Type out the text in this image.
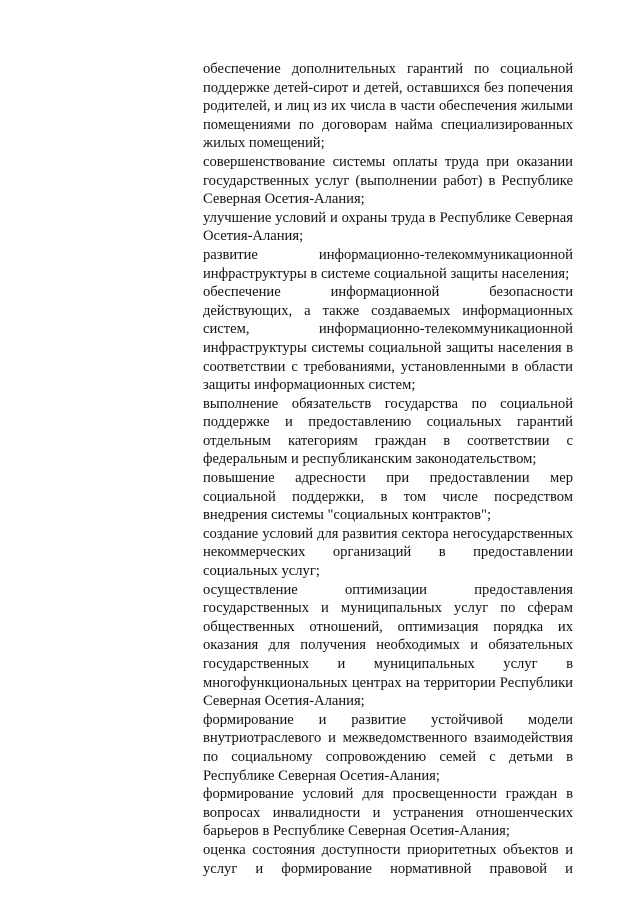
обеспечение дополнительных гарантий по социальной поддержке детей-сирот и детей, оставшихся без попечения родителей, и лиц из их числа в части обеспечения жилыми помещениями по договорам найма специализированных жилых помещений;

совершенствование системы оплаты труда при оказании государственных услуг (выполнении работ) в Республике Северная Осетия-Алания;

улучшение условий и охраны труда в Республике Северная Осетия-Алания;

развитие информационно-телекоммуникационной инфраструктуры в системе социальной защиты населения;

обеспечение информационной безопасности действующих, а также создаваемых информационных систем, информационно-телекоммуникационной инфраструктуры системы социальной защиты населения в соответствии с требованиями, установленными в области защиты информационных систем;

выполнение обязательств государства по социальной поддержке и предоставлению социальных гарантий отдельным категориям граждан в соответствии с федеральным и республиканским законодательством;

повышение адресности при предоставлении мер социальной поддержки, в том числе посредством внедрения системы "социальных контрактов";

создание условий для развития сектора негосударственных некоммерческих организаций в предоставлении социальных услуг;

осуществление оптимизации предоставления государственных и муниципальных услуг по сферам общественных отношений, оптимизация порядка их оказания для получения необходимых и обязательных государственных и муниципальных услуг в многофункциональных центрах на территории Республики Северная Осетия-Алания;

формирование и развитие устойчивой модели внутриотраслевого и межведомственного взаимодействия по социальному сопровождению семей с детьми в Республике Северная Осетия-Алания;

формирование условий для просвещенности граждан в вопросах инвалидности и устранения отношенческих барьеров в Республике Северная Осетия-Алания;

оценка состояния доступности приоритетных объектов и услуг и формирование нормативной правовой и
